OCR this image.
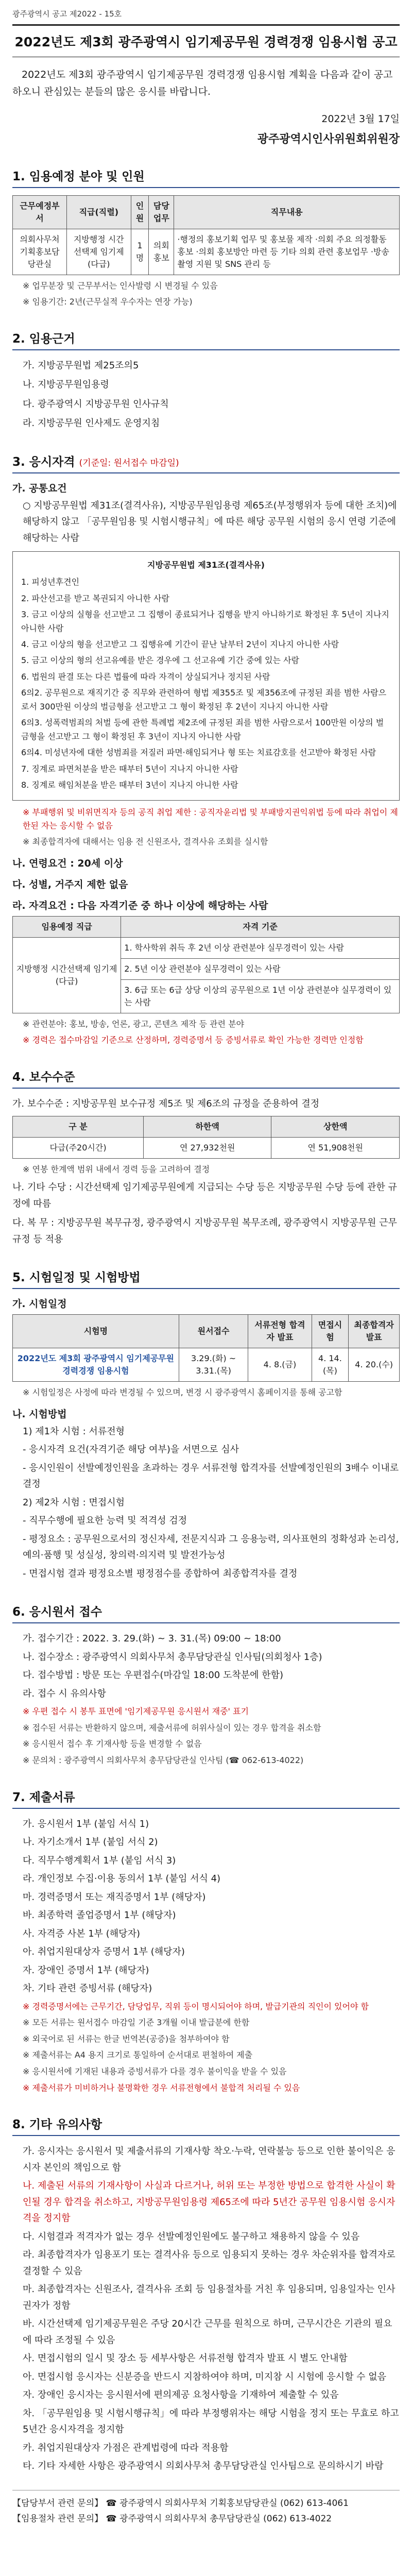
광주광역시 공고 제2022 - 15호
2022년도 제3회 광주광역시 임기제공무원 경력경쟁 임용시험 공고
2022년도 제3회 광주광역시 임기제공무원 경력경쟁 임용시험 계획을 다음과 같이 공고하오니 관심있는 분들의 많은 응시를 바랍니다.
2022년 3월 17일
광주광역시인사위원회위원장
1. 임용예정 분야 및 인원
근무예정부서	직급(직렬)	인원	담당업무	직무내용
의회사무처 기획홍보담당관실	지방행정 시간선택제 임기제 (다급)	1명	의회 홍보	·행정의 홍보기획 업무 및 홍보물 제작 ·의회 주요 의정활동 홍보 ·의회 홍보방안 마련 등 기타 의회 관련 홍보업무 ·방송 촬영 지원 및 SNS 관리 등
※ 업무분장 및 근무부서는 인사발령 시 변경될 수 있음
※ 임용기간: 2년(근무실적 우수자는 연장 가능)
2. 임용근거
가. 지방공무원법 제25조의5
나. 지방공무원임용령
다. 광주광역시 지방공무원 인사규칙
라. 지방공무원 인사제도 운영지침
3. 응시자격 (기준일: 원서접수 마감일)
가. 공통요건
○ 지방공무원법 제31조(결격사유), 지방공무원임용령 제65조(부정행위자 등에 대한 조치)에 해당하지 않고 「공무원임용 및 시험시행규칙」에 따른 해당 공무원 시험의 응시 연령 기준에 해당하는 사람
지방공무원법 제31조(결격사유)
1. 피성년후견인
2. 파산선고를 받고 복권되지 아니한 사람
3. 금고 이상의 실형을 선고받고 그 집행이 종료되거나 집행을 받지 아니하기로 확정된 후 5년이 지나지 아니한 사람
4. 금고 이상의 형을 선고받고 그 집행유예 기간이 끝난 날부터 2년이 지나지 아니한 사람
5. 금고 이상의 형의 선고유예를 받은 경우에 그 선고유예 기간 중에 있는 사람
6. 법원의 판결 또는 다른 법률에 따라 자격이 상실되거나 정지된 사람
6의2. 공무원으로 재직기간 중 직무와 관련하여 형법 제355조 및 제356조에 규정된 죄를 범한 사람으로서 300만원 이상의 벌금형을 선고받고 그 형이 확정된 후 2년이 지나지 아니한 사람
6의3. 성폭력범죄의 처벌 등에 관한 특례법 제2조에 규정된 죄를 범한 사람으로서 100만원 이상의 벌금형을 선고받고 그 형이 확정된 후 3년이 지나지 아니한 사람
6의4. 미성년자에 대한 성범죄를 저질러 파면·해임되거나 형 또는 치료감호를 선고받아 확정된 사람
7. 징계로 파면처분을 받은 때부터 5년이 지나지 아니한 사람
8. 징계로 해임처분을 받은 때부터 3년이 지나지 아니한 사람
※ 부패행위 및 비위면직자 등의 공직 취업 제한 : 공직자윤리법 및 부패방지권익위법 등에 따라 취업이 제한된 자는 응시할 수 없음
※ 최종합격자에 대해서는 임용 전 신원조사, 결격사유 조회를 실시함
나. 연령요건 : 20세 이상
다. 성별, 거주지 제한 없음
라. 자격요건 : 다음 자격기준 중 하나 이상에 해당하는 사람
임용예정 직급	자격 기준
지방행정 시간선택제 임기제 (다급)	1. 학사학위 취득 후 2년 이상 관련분야 실무경력이 있는 사람
	2. 5년 이상 관련분야 실무경력이 있는 사람
	3. 6급 또는 6급 상당 이상의 공무원으로 1년 이상 관련분야 실무경력이 있는 사람
※ 관련분야: 홍보, 방송, 언론, 광고, 콘텐츠 제작 등 관련 분야
※ 경력은 접수마감일 기준으로 산정하며, 경력증명서 등 증빙서류로 확인 가능한 경력만 인정함
4. 보수수준
가. 보수수준 : 지방공무원 보수규정 제5조 및 제6조의 규정을 준용하여 결정
구 분	하한액	상한액
다급(주20시간)	연 27,932천원	연 51,908천원
※ 연봉 한계액 범위 내에서 경력 등을 고려하여 결정
나. 기타 수당 : 시간선택제 임기제공무원에게 지급되는 수당 등은 지방공무원 수당 등에 관한 규정에 따름
다. 복 무 : 지방공무원 복무규정, 광주광역시 지방공무원 복무조례, 광주광역시 지방공무원 근무규정 등 적용
5. 시험일정 및 시험방법
가. 시험일정
시험명	원서접수	서류전형 합격자 발표	면접시험	최종합격자 발표
2022년도 제3회 광주광역시 임기제공무원 경력경쟁 임용시험	3.29.(화) ~ 3.31.(목)	4. 8.(금)	4. 14.(목)	4. 20.(수)
※ 시험일정은 사정에 따라 변경될 수 있으며, 변경 시 광주광역시 홈페이지를 통해 공고함
나. 시험방법
1) 제1차 시험 : 서류전형
- 응시자격 요건(자격기준 해당 여부)을 서면으로 심사
- 응시인원이 선발예정인원을 초과하는 경우 서류전형 합격자를 선발예정인원의 3배수 이내로 결정
2) 제2차 시험 : 면접시험
- 직무수행에 필요한 능력 및 적격성 검정
- 평정요소 : 공무원으로서의 정신자세, 전문지식과 그 응용능력, 의사표현의 정확성과 논리성, 예의·품행 및 성실성, 창의력·의지력 및 발전가능성
- 면접시험 결과 평정요소별 평정점수를 종합하여 최종합격자를 결정
6. 응시원서 접수
가. 접수기간 : 2022. 3. 29.(화) ~ 3. 31.(목) 09:00 ~ 18:00
나. 접수장소 : 광주광역시 의회사무처 총무담당관실 인사팀(의회청사 1층)
다. 접수방법 : 방문 또는 우편접수(마감일 18:00 도착분에 한함)
라. 접수 시 유의사항
※ 우편 접수 시 봉투 표면에 '임기제공무원 응시원서 재중' 표기
※ 접수된 서류는 반환하지 않으며, 제출서류에 허위사실이 있는 경우 합격을 취소함
※ 응시원서 접수 후 기재사항 등을 변경할 수 없음
※ 문의처 : 광주광역시 의회사무처 총무담당관실 인사팀 (☎ 062-613-4022)
7. 제출서류
가. 응시원서 1부 (붙임 서식 1)
나. 자기소개서 1부 (붙임 서식 2)
다. 직무수행계획서 1부 (붙임 서식 3)
라. 개인정보 수집·이용 동의서 1부 (붙임 서식 4)
마. 경력증명서 또는 재직증명서 1부 (해당자)
바. 최종학력 졸업증명서 1부 (해당자)
사. 자격증 사본 1부 (해당자)
아. 취업지원대상자 증명서 1부 (해당자)
자. 장애인 증명서 1부 (해당자)
차. 기타 관련 증빙서류 (해당자)
※ 경력증명서에는 근무기간, 담당업무, 직위 등이 명시되어야 하며, 발급기관의 직인이 있어야 함
※ 모든 서류는 원서접수 마감일 기준 3개월 이내 발급분에 한함
※ 외국어로 된 서류는 한글 번역본(공증)을 첨부하여야 함
※ 제출서류는 A4 용지 크기로 통일하여 순서대로 편철하여 제출
※ 응시원서에 기재된 내용과 증빙서류가 다를 경우 불이익을 받을 수 있음
※ 제출서류가 미비하거나 불명확한 경우 서류전형에서 불합격 처리될 수 있음
8. 기타 유의사항
가. 응시자는 응시원서 및 제출서류의 기재사항 착오·누락, 연락불능 등으로 인한 불이익은 응시자 본인의 책임으로 함
나. 제출된 서류의 기재사항이 사실과 다르거나, 허위 또는 부정한 방법으로 합격한 사실이 확인될 경우 합격을 취소하고, 지방공무원임용령 제65조에 따라 5년간 공무원 임용시험 응시자격을 정지함
다. 시험결과 적격자가 없는 경우 선발예정인원에도 불구하고 채용하지 않을 수 있음
라. 최종합격자가 임용포기 또는 결격사유 등으로 임용되지 못하는 경우 차순위자를 합격자로 결정할 수 있음
마. 최종합격자는 신원조사, 결격사유 조회 등 임용절차를 거친 후 임용되며, 임용일자는 인사권자가 정함
바. 시간선택제 임기제공무원은 주당 20시간 근무를 원칙으로 하며, 근무시간은 기관의 필요에 따라 조정될 수 있음
사. 면접시험의 일시 및 장소 등 세부사항은 서류전형 합격자 발표 시 별도 안내함
아. 면접시험 응시자는 신분증을 반드시 지참하여야 하며, 미지참 시 시험에 응시할 수 없음
자. 장애인 응시자는 응시원서에 편의제공 요청사항을 기재하여 제출할 수 있음
차. 「공무원임용 및 시험시행규칙」에 따라 부정행위자는 해당 시험을 정지 또는 무효로 하고 5년간 응시자격을 정지함
카. 취업지원대상자 가점은 관계법령에 따라 적용함
타. 기타 자세한 사항은 광주광역시 의회사무처 총무담당관실 인사팀으로 문의하시기 바람
【담당부서 관련 문의】 ☎ 광주광역시 의회사무처 기획홍보담당관실 (062) 613-4061
【임용절차 관련 문의】 ☎ 광주광역시 의회사무처 총무담당관실 (062) 613-4022
